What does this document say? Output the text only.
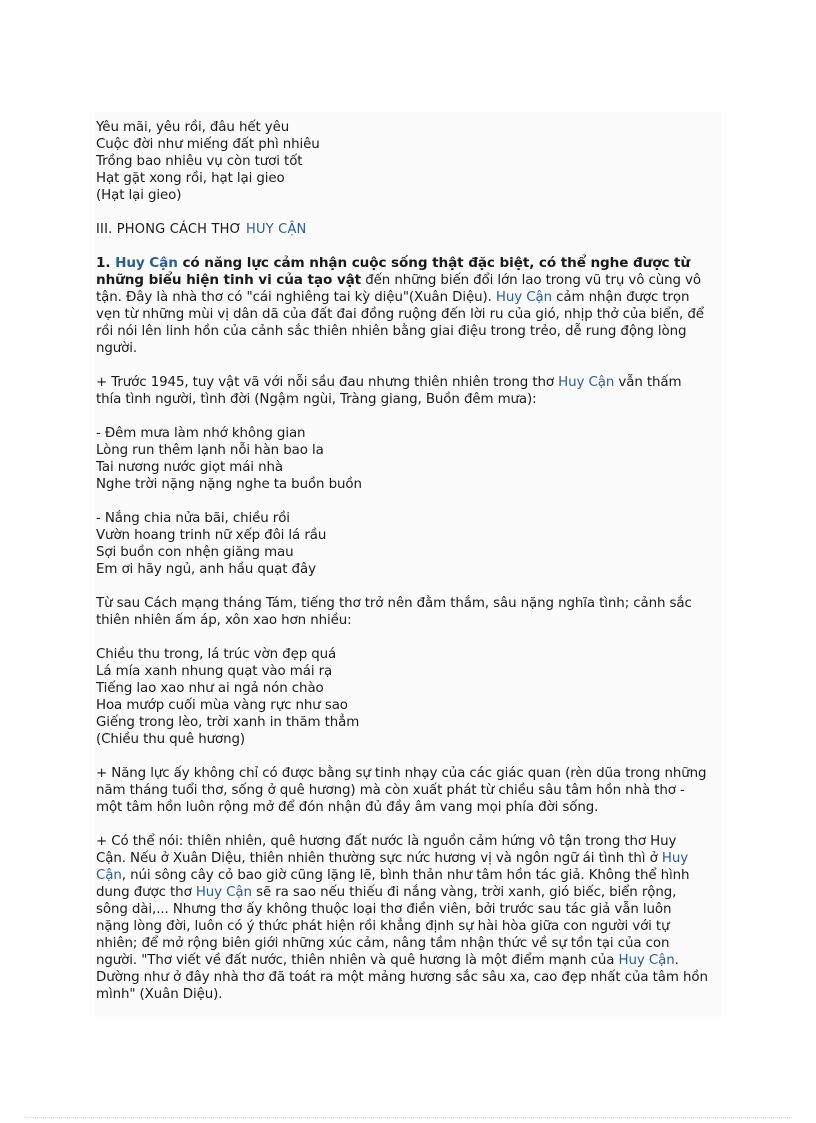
Yêu mãi, yêu rồi, đâu hết yêu
Cuộc đời như miếng đất phì nhiêu
Trồng bao nhiêu vụ còn tươi tốt
Hạt gặt xong rồi, hạt lại gieo
(Hạt lại gieo)
III. PHONG CÁCH THƠ HUY CẬN
1. Huy Cận có năng lực cảm nhận cuộc sống thật đặc biệt, có thể nghe được từ
những biểu hiện tinh vi của tạo vật đến những biến đổi lớn lao trong vũ trụ vô cùng vô
tận. Đây là nhà thơ có "cái nghiêng tai kỳ diệu"(Xuân Diệu). Huy Cận cảm nhận được trọn
vẹn từ những mùi vị dân dã của đất đai đồng ruộng đến lời ru của gió, nhịp thở của biển, để
rồi nói lên linh hồn của cảnh sắc thiên nhiên bằng giai điệu trong trẻo, dễ rung động lòng
người.
+ Trước 1945, tuy vật vã với nỗi sầu đau nhưng thiên nhiên trong thơ Huy Cận vẫn thấm
thía tình người, tình đời (Ngậm ngùi, Tràng giang, Buồn đêm mưa):
- Đêm mưa làm nhớ không gian
Lòng run thêm lạnh nỗi hàn bao la
Tai nương nước giọt mái nhà
Nghe trời nặng nặng nghe ta buồn buồn
- Nắng chia nửa bãi, chiều rồi
Vườn hoang trinh nữ xếp đôi lá rầu
Sợi buồn con nhện giăng mau
Em ơi hãy ngủ, anh hầu quạt đây
Từ sau Cách mạng tháng Tám, tiếng thơ trở nên đằm thắm, sâu nặng nghĩa tình; cảnh sắc
thiên nhiên ấm áp, xôn xao hơn nhiều:
Chiều thu trong, lá trúc vờn đẹp quá
Lá mía xanh nhung quạt vào mái rạ
Tiếng lao xao như ai ngả nón chào
Hoa mướp cuối mùa vàng rực như sao
Giếng trong lèo, trời xanh in thăm thẳm
(Chiều thu quê hương)
+ Năng lực ấy không chỉ có được bằng sự tinh nhạy của các giác quan (rèn dũa trong những
năm tháng tuổi thơ, sống ở quê hương) mà còn xuất phát từ chiều sâu tâm hồn nhà thơ -
một tâm hồn luôn rộng mở để đón nhận đủ đầy âm vang mọi phía đời sống.
+ Có thể nói: thiên nhiên, quê hương đất nước là nguồn cảm hứng vô tận trong thơ Huy
Cận. Nếu ở Xuân Diệu, thiên nhiên thường sực nức hương vị và ngôn ngữ ái tình thì ở Huy
Cận, núi sông cây cỏ bao giờ cũng lặng lẽ, bình thản như tâm hồn tác giả. Không thể hình
dung được thơ Huy Cận sẽ ra sao nếu thiếu đi nắng vàng, trời xanh, gió biếc, biển rộng,
sông dài,... Nhưng thơ ấy không thuộc loại thơ điền viên, bởi trước sau tác giả vẫn luôn
nặng lòng đời, luôn có ý thức phát hiện rồi khẳng định sự hài hòa giữa con người với tự
nhiên; để mở rộng biên giới những xúc cảm, nâng tầm nhận thức về sự tồn tại của con
người. "Thơ viết về đất nước, thiên nhiên và quê hương là một điểm mạnh của Huy Cận.
Dường như ở đây nhà thơ đã toát ra một mảng hương sắc sâu xa, cao đẹp nhất của tâm hồn
mình" (Xuân Diệu).
